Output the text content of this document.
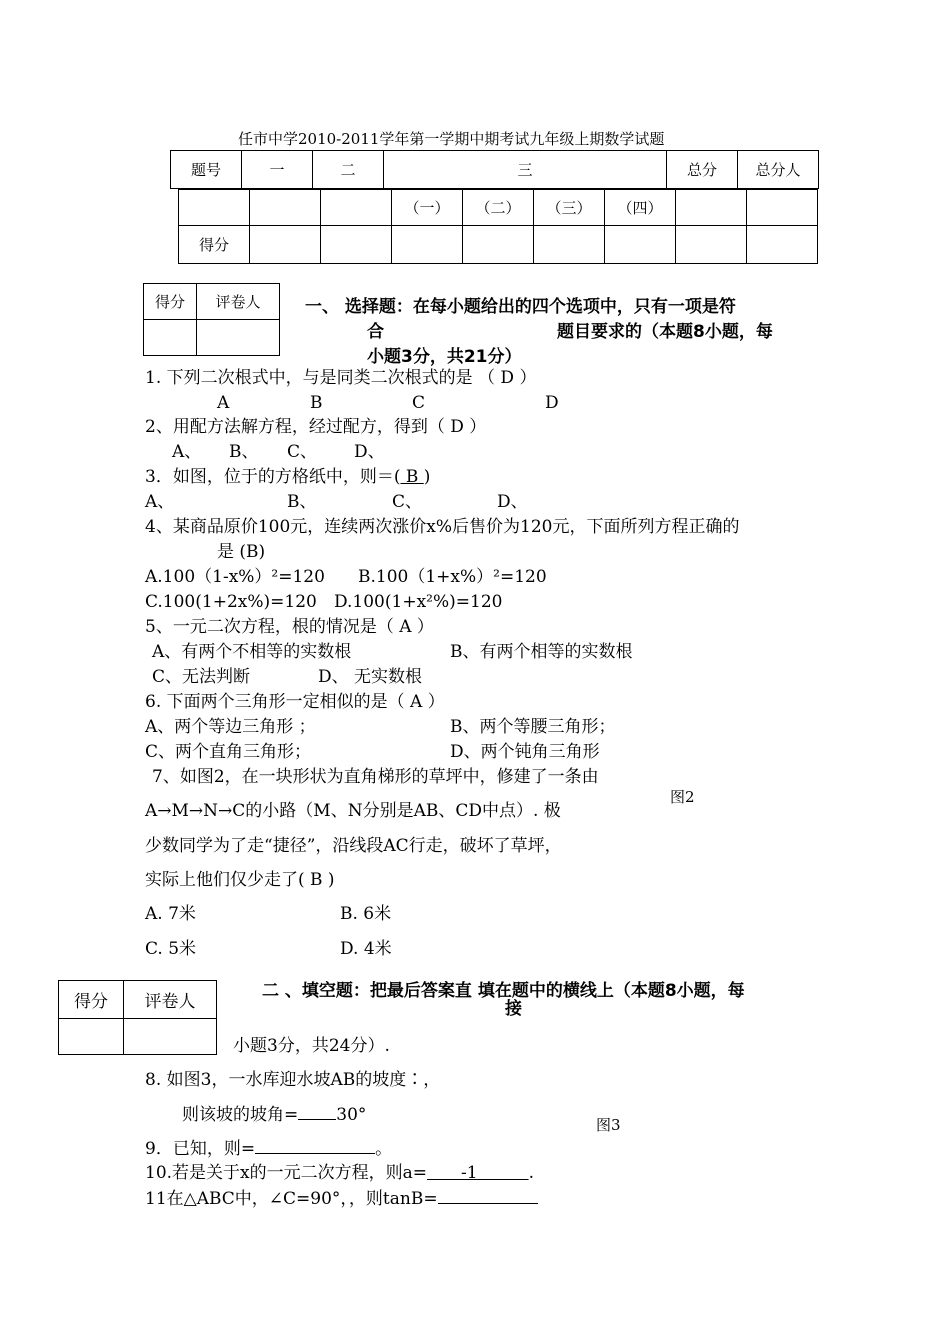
任市中学2010-2011学年第一学期中期考试九年级上期数学试题
题号	一	二	三	总分	总分人
			（一）	（二）	（三）	（四）		
得分								
得分	评卷人
		一、 选择题：在每小题给出的四个选项中，只有一项是符
合	题目要求的（本题8小题，每
小题3分，共21分）
1. 下列二次根式中，与是同类二次根式的是 （ D ）
A	B	C	D
2、用配方法解方程，经过配方，得到（ D ）
A、 B、 C、 D、
3．如图，位于的方格纸中，则＝( B )
A、	B、	C、	D、
4、某商品原价100元，连续两次涨价x%后售价为120元，下面所列方程正确的
是 (B)
A.100（1-x%）²=120 B.100（1+x%）²=120
C.100(1+2x%)=120 D.100(1+x²%)=120
5、一元二次方程，根的情况是（ A ）
A、有两个不相等的实数根	B、有两个相等的实数根
C、无法判断	D、 无实数根
6. 下面两个三角形一定相似的是（ A ）
A、两个等边三角形 ；	B、两个等腰三角形；
C、两个直角三角形；	D、两个钝角三角形
7、如图2，在一块形状为直角梯形的草坪中，修建了一条由
图2
A→M→N→C的小路（M、N分别是AB、CD中点）. 极
少数同学为了走“捷径”，沿线段AC行走，破坏了草坪，
实际上他们仅少走了( B )
A. 7米	B. 6米
C. 5米	D. 4米
得分	评卷人

二 、填空题：把最后答案直 填在题中的横线上（本题8小题，每
接
小题3分，共24分）.
8. 如图3，一水库迎水坡AB的坡度∶，
则该坡的坡角= 30°	图3
9．已知，则=	。
10.若是关于x的一元二次方程，则a=   -1   	.
11在△ABC中，∠C=90°，，则tanB=
